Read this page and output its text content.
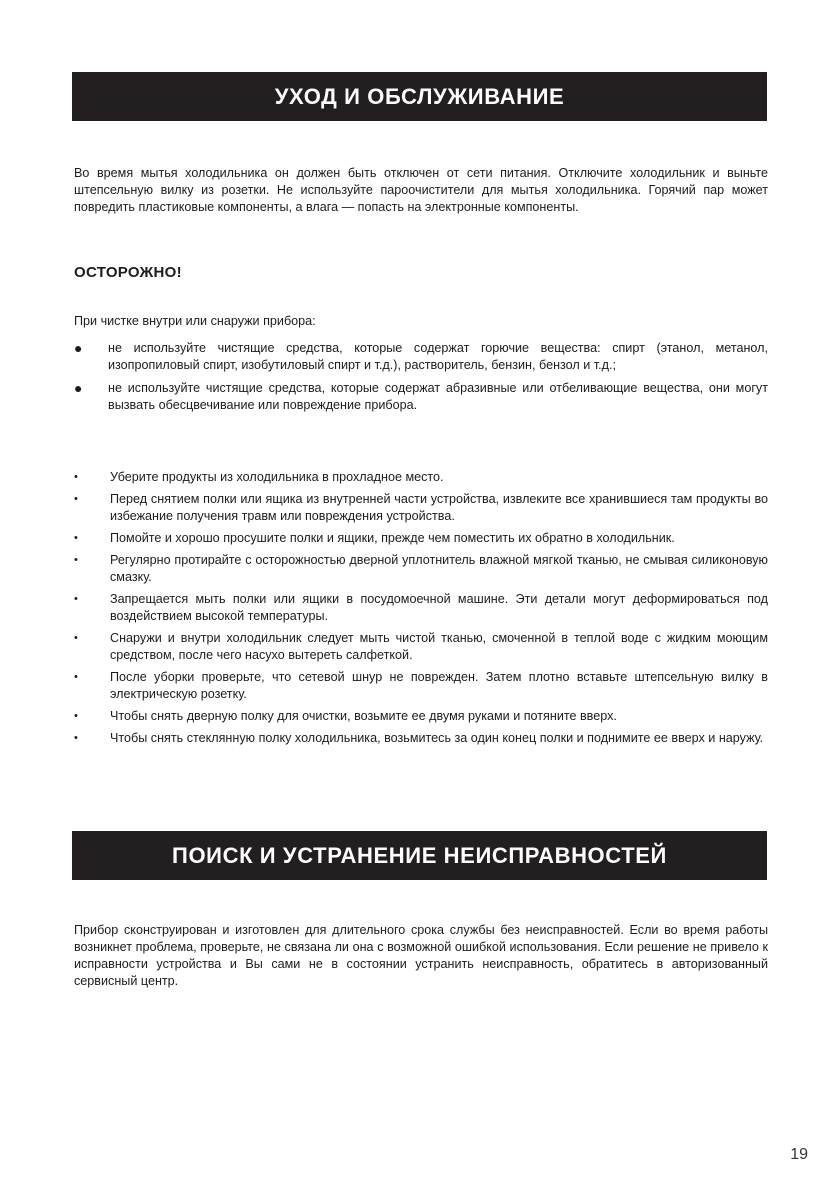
УХОД И ОБСЛУЖИВАНИЕ

Во время мытья холодильника он должен быть отключен от сети питания. Отключите холодильник и выньте штепсельную вилку из розетки. Не используйте пароочистители для мытья холодильника. Горячий пар может повредить пластиковые компоненты, а влага — попасть на электронные компоненты.

ОСТОРОЖНО!

При чистке внутри или снаружи прибора:

● не используйте чистящие средства, которые содержат горючие вещества: спирт (этанол, метанол, изопропиловый спирт, изобутиловый спирт и т.д.), растворитель, бензин, бензол и т.д.;
● не используйте чистящие средства, которые содержат абразивные или отбеливающие вещества, они могут вызвать обесцвечивание или повреждение прибора.
•	Уберите продукты из холодильника в прохладное место.
•	Перед снятием полки или ящика из внутренней части устройства, извлеките все хранившиеся там продукты во избежание получения травм или повреждения устройства.
•	Помойте и хорошо просушите полки и ящики, прежде чем поместить их обратно в холодильник.
•	Регулярно протирайте с осторожностью дверной уплотнитель влажной мягкой тканью, не смывая силиконовую смазку.
•	Запрещается мыть полки или ящики в посудомоечной машине. Эти детали могут деформироваться под воздействием высокой температуры.
•	Снаружи и внутри холодильник следует мыть чистой тканью, смоченной в теплой воде с жидким моющим средством, после чего насухо вытереть салфеткой.
•	После уборки проверьте, что сетевой шнур не поврежден. Затем плотно вставьте штепсельную вилку в электрическую розетку.
•	Чтобы снять дверную полку для очистки, возьмите ее двумя руками и потяните вверх.
•	Чтобы снять стеклянную полку холодильника, возьмитесь за один конец полки и поднимите ее вверх и наружу.
ПОИСК И УСТРАНЕНИЕ НЕИСПРАВНОСТЕЙ

Прибор сконструирован и изготовлен для длительного срока службы без неисправностей. Если во время работы возникнет проблема, проверьте, не связана ли она с возможной ошибкой использования. Если решение не привело к исправности устройства и Вы сами не в состоянии устранить неисправность, обратитесь в авторизованный сервисный центр.

19
